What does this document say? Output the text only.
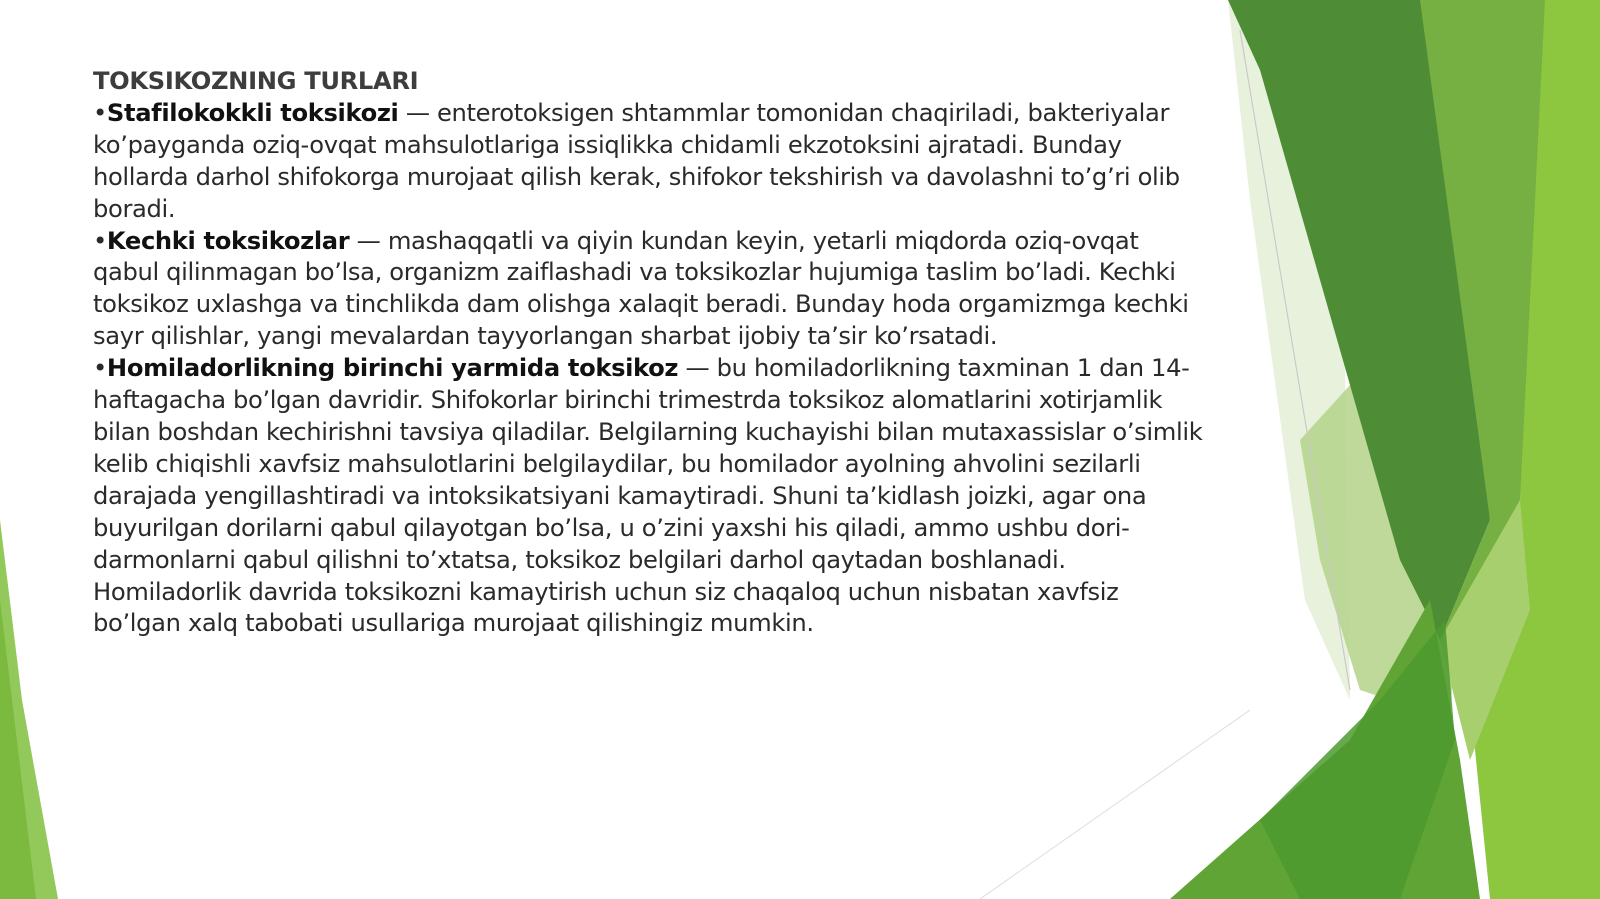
TOKSIKOZNING TURLARI
•Stafilokokkli toksikozi — enterotoksigen shtammlar tomonidan chaqiriladi, bakteriyalar ko’payganda oziq-ovqat mahsulotlariga issiqlikka chidamli ekzotoksini ajratadi. Bunday hollarda darhol shifokorga murojaat qilish kerak, shifokor tekshirish va davolashni to’g’ri olib boradi.
•Kechki toksikozlar — mashaqqatli va qiyin kundan keyin, yetarli miqdorda oziq-ovqat qabul qilinmagan bo’lsa, organizm zaiflashadi va toksikozlar hujumiga taslim bo’ladi. Kechki toksikoz uxlashga va tinchlikda dam olishga xalaqit beradi. Bunday hoda orgamizmga kechki sayr qilishlar, yangi mevalardan tayyorlangan sharbat ijobiy ta’sir ko’rsatadi.
•Homiladorlikning birinchi yarmida toksikoz — bu homiladorlikning taxminan 1 dan 14-haftagacha bo’lgan davridir. Shifokorlar birinchi trimestrda toksikoz alomatlarini xotirjamlik bilan boshdan kechirishni tavsiya qiladilar. Belgilarning kuchayishi bilan mutaxassislar o’simlik kelib chiqishli xavfsiz mahsulotlarini belgilaydilar, bu homilador ayolning ahvolini sezilarli darajada yengillashtiradi va intoksikatsiyani kamaytiradi. Shuni ta’kidlash joizki, agar ona buyurilgan dorilarni qabul qilayotgan bo’lsa, u o’zini yaxshi his qiladi, ammo ushbu dori-darmonlarni qabul qilishni to’xtatsa, toksikoz belgilari darhol qaytadan boshlanadi. Homiladorlik davrida toksikozni kamaytirish uchun siz chaqaloq uchun nisbatan xavfsiz bo’lgan xalq tabobati usullariga murojaat qilishingiz mumkin.
